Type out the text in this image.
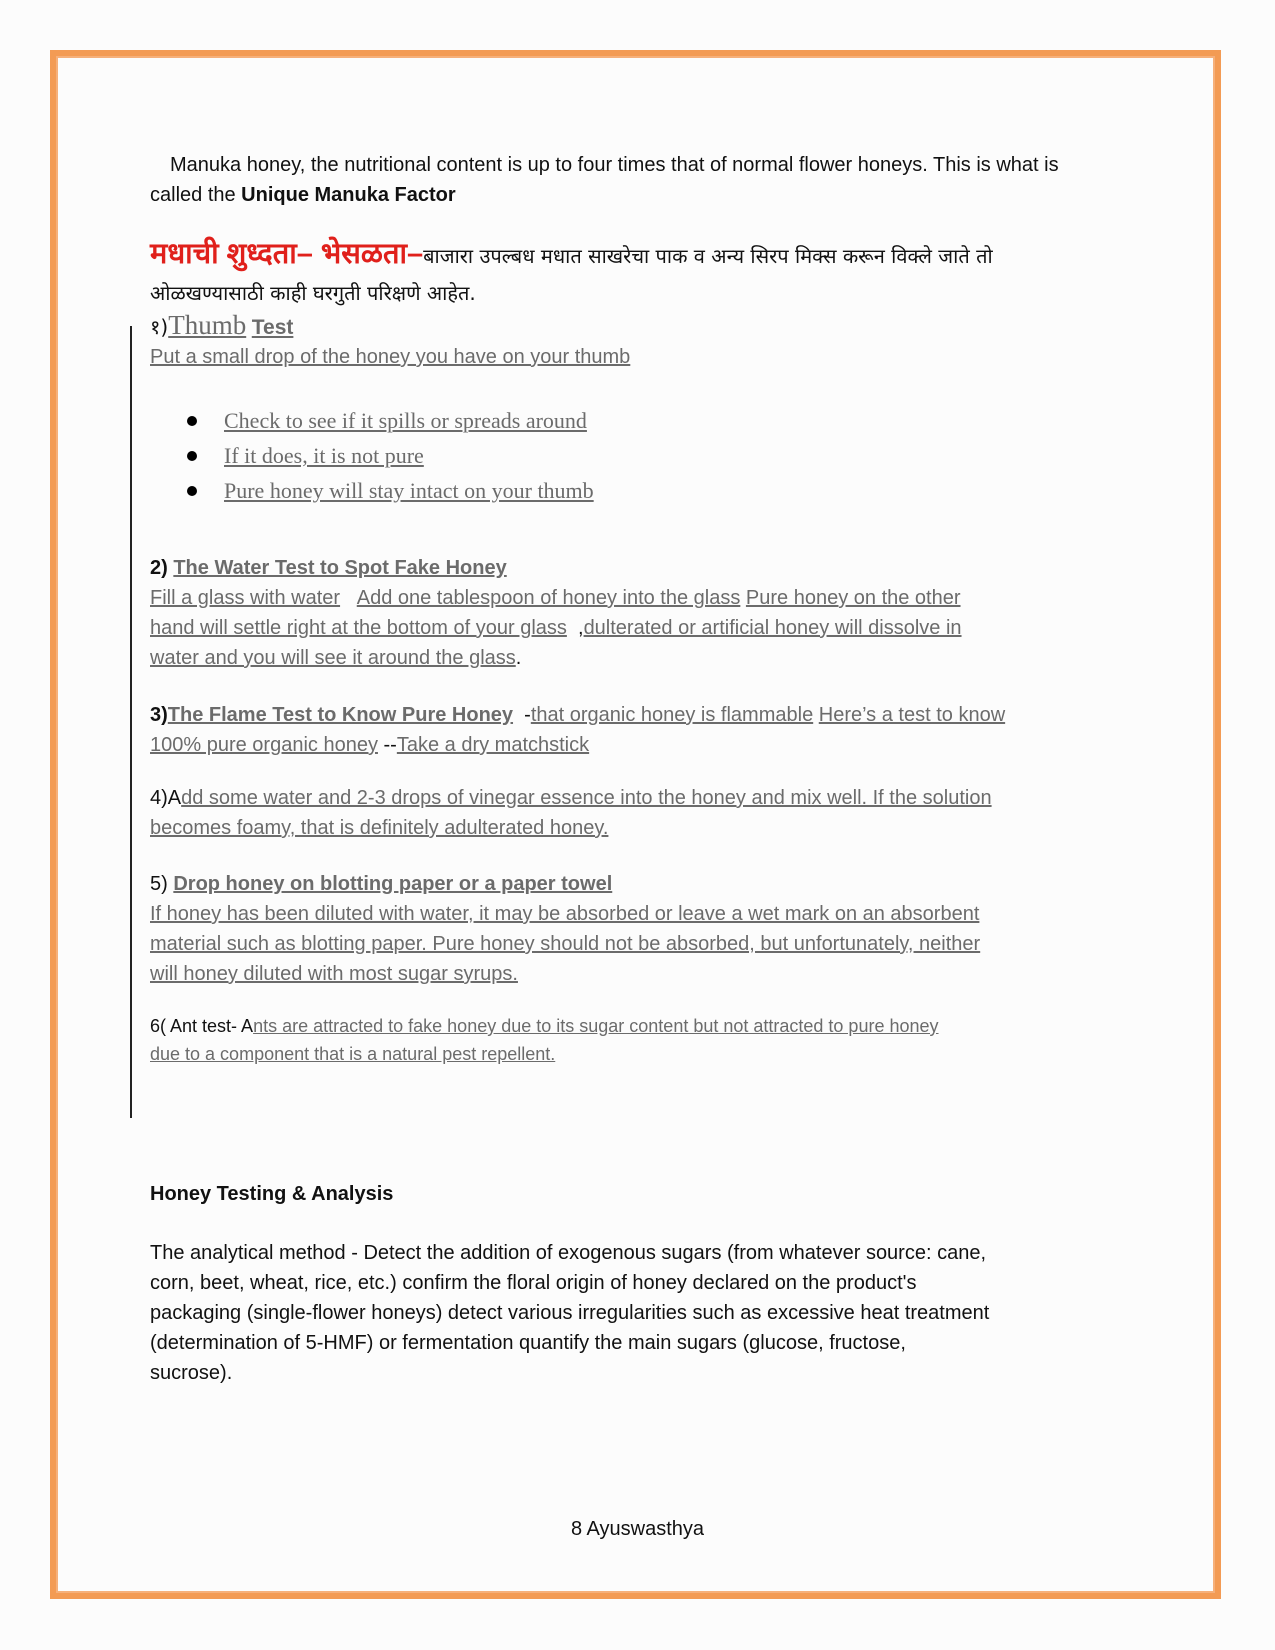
Manuka honey, the nutritional content is up to four times that of normal flower honeys. This is what is
called the Unique Manuka Factor
मधाची शुध्दता– भेसळता–बाजारा उपल्बध मधात साखरेचा पाक व अन्य सिरप मिक्स करून विक्ले जाते तो
ओळखण्यासाठी काही घरगुती परिक्षणे आहेत.
१)Thumb Test
Put a small drop of the honey you have on your thumb
Check to see if it spills or spreads around
If it does, it is not pure
Pure honey will stay intact on your thumb
2) The Water Test to Spot Fake Honey
Fill a glass with water Add one tablespoon of honey into the glass Pure honey on the other
hand will settle right at the bottom of your glass  ,dulterated or artificial honey will dissolve in
water and you will see it around the glass.
3)The Flame Test to Know Pure Honey  -that organic honey is flammable Here’s a test to know
100% pure organic honey --Take a dry matchstick
4)Add some water and 2-3 drops of vinegar essence into the honey and mix well. If the solution
becomes foamy, that is definitely adulterated honey.
5) Drop honey on blotting paper or a paper towel
If honey has been diluted with water, it may be absorbed or leave a wet mark on an absorbent
material such as blotting paper. Pure honey should not be absorbed, but unfortunately, neither
will honey diluted with most sugar syrups.
6( Ant test- Ants are attracted to fake honey due to its sugar content but not attracted to pure honey
due to a component that is a natural pest repellent.
Honey Testing & Analysis
The analytical method - Detect the addition of exogenous sugars (from whatever source: cane,
corn, beet, wheat, rice, etc.) confirm the floral origin of honey declared on the product's
packaging (single-flower honeys) detect various irregularities such as excessive heat treatment
(determination of 5-HMF) or fermentation quantify the main sugars (glucose, fructose,
sucrose).
8 Ayuswasthya
